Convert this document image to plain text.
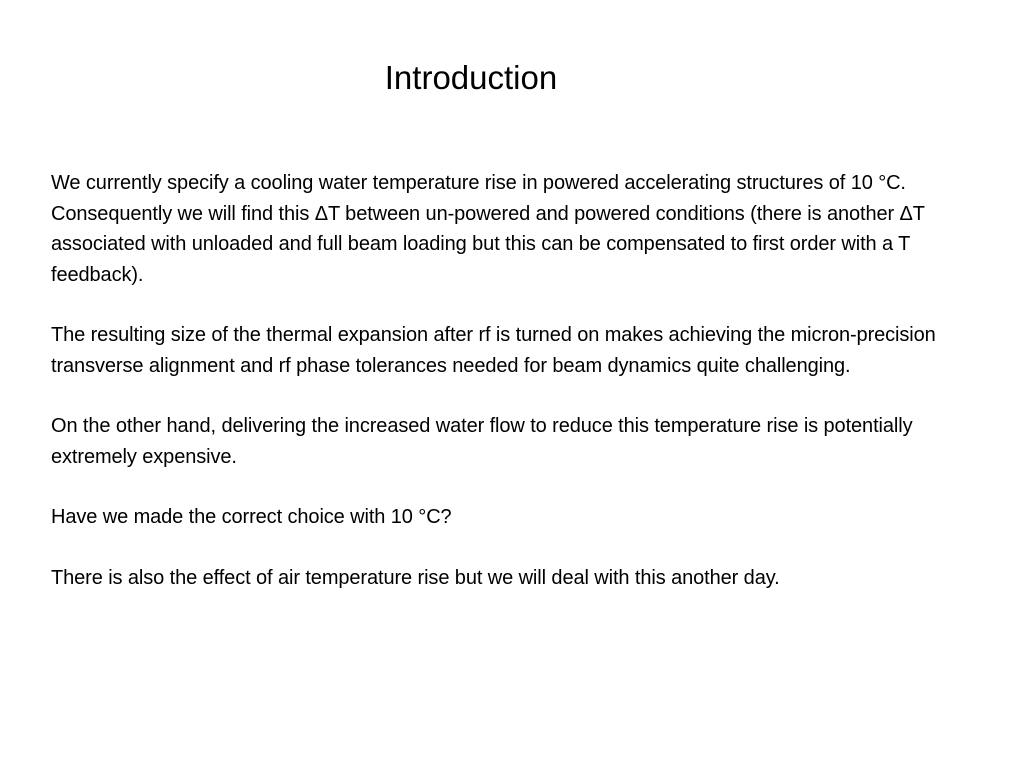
Introduction

We currently specify a cooling water temperature rise in powered accelerating structures of 10 °C. Consequently we will find this ΔT between un-powered and powered conditions (there is another ΔT associated with unloaded and full beam loading but this can be compensated to first order with a T feedback).

The resulting size of the thermal expansion after rf is turned on makes achieving the micron-precision transverse alignment and rf phase tolerances needed for beam dynamics quite challenging.

On the other hand, delivering the increased water flow to reduce this temperature rise is potentially extremely expensive.

Have we made the correct choice with 10 °C?

There is also the effect of air temperature rise but we will deal with this another day.
